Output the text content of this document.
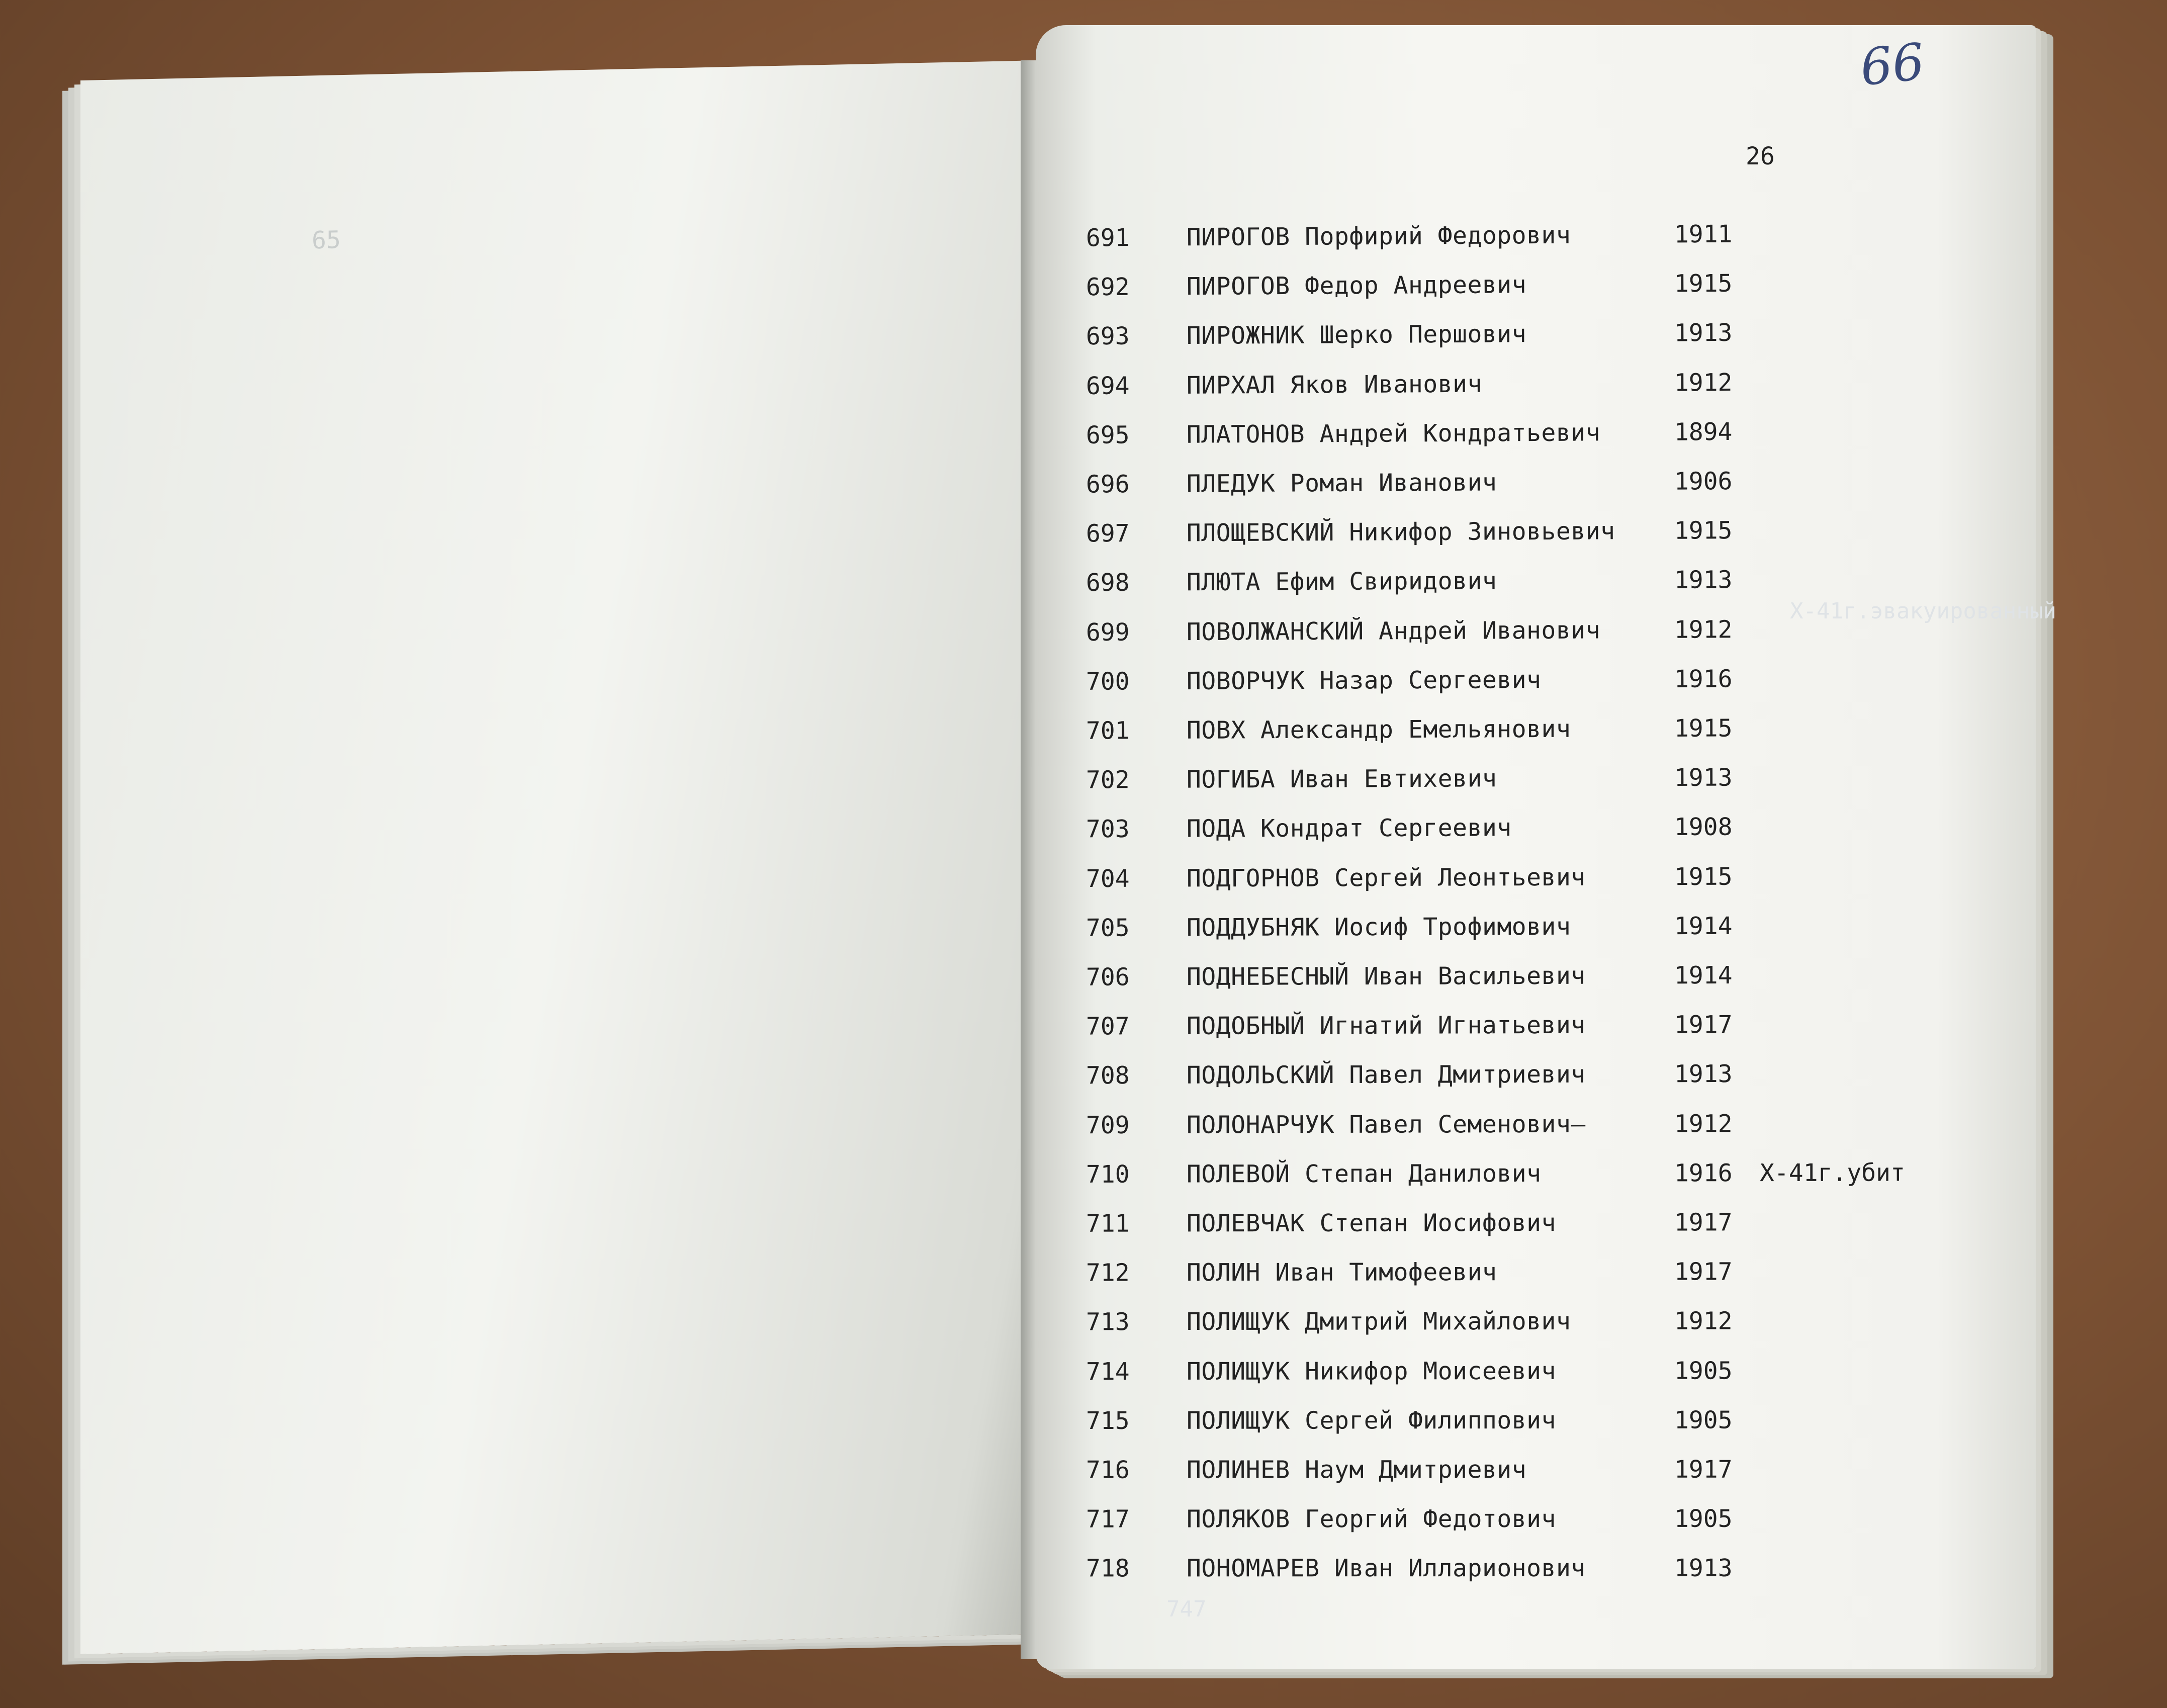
65
66
26
X-41г.эвакуированный
747
691	ПИРОГОВ Порфирий Федорович	1911
692	ПИРОГОВ Федор Андреевич	1915
693	ПИРОЖНИК Шерко Першович	1913
694	ПИРХАЛ Яков Иванович	1912
695	ПЛАТОНОВ Андрей Кондратьевич	1894
696	ПЛЕДУК Роман Иванович	1906
697	ПЛОЩЕВСКИЙ Никифор Зиновьевич 1915
698	ПЛЮТА Ефим Свиридович	1913
699	ПОВОЛЖАНСКИЙ Андрей Иванович	1912
700	ПОВОРЧУК Назар Сергеевич	1916
701	ПОВХ Александр Емельянович	1915
702	ПОГИБА Иван Евтихевич	1913
703	ПОДА Кондрат Сергеевич	1908
704	ПОДГОРНОВ Сергей Леонтьевич	1915
705	ПОДДУБНЯК Иосиф Трофимович	1914
706	ПОДНЕБЕСНЫЙ Иван Васильевич	1914
707	ПОДОБНЫЙ Игнатий Игнатьевич	1917
708	ПОДОЛЬСКИЙ Павел Дмитриевич	1913
709	ПОЛОНАРЧУК Павел Семенович—	1912
710	ПОЛЕВОЙ Степан Данилович	1916 X-41г.убит
711	ПОЛЕВЧАК Степан Иосифович	1917
712	ПОЛИН Иван Тимофеевич	1917
713	ПОЛИЩУК Дмитрий Михайлович	1912
714	ПОЛИЩУК Никифор Моисеевич	1905
715	ПОЛИЩУК Сергей Филиппович	1905
716	ПОЛИНЕВ Наум Дмитриевич	1917
717	ПОЛЯКОВ Георгий Федотович	1905
718	ПОНОМАРЕВ Иван Илларионович	1913
